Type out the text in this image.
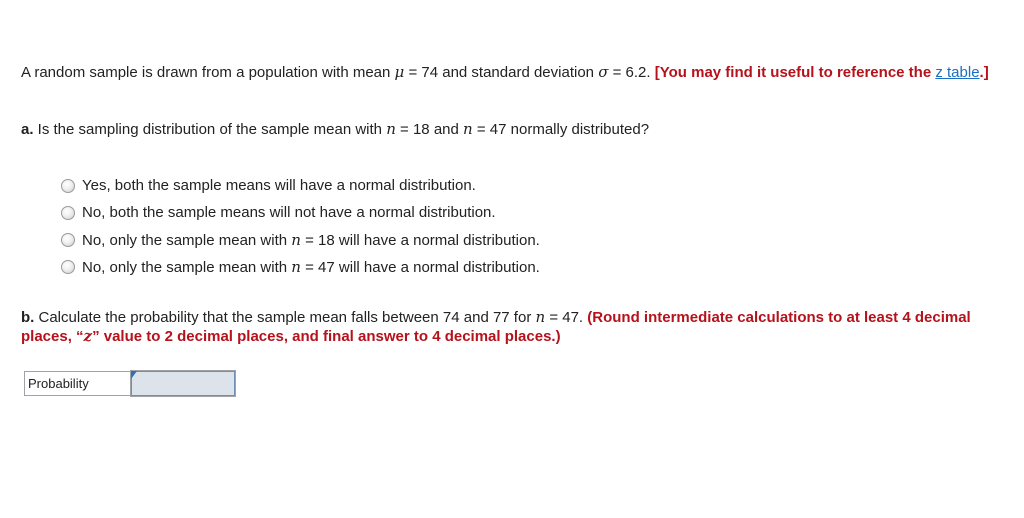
A random sample is drawn from a population with mean μ = 74 and standard deviation σ = 6.2. [You may find it useful to reference the z table.]

a. Is the sampling distribution of the sample mean with n = 18 and n = 47 normally distributed?

Yes, both the sample means will have a normal distribution.
No, both the sample means will not have a normal distribution.
No, only the sample mean with n = 18 will have a normal distribution.
No, only the sample mean with n = 47 will have a normal distribution.

b. Calculate the probability that the sample mean falls between 74 and 77 for n = 47. (Round intermediate calculations to at least 4 decimal places, “z” value to 2 decimal places, and final answer to 4 decimal places.)

Probability
